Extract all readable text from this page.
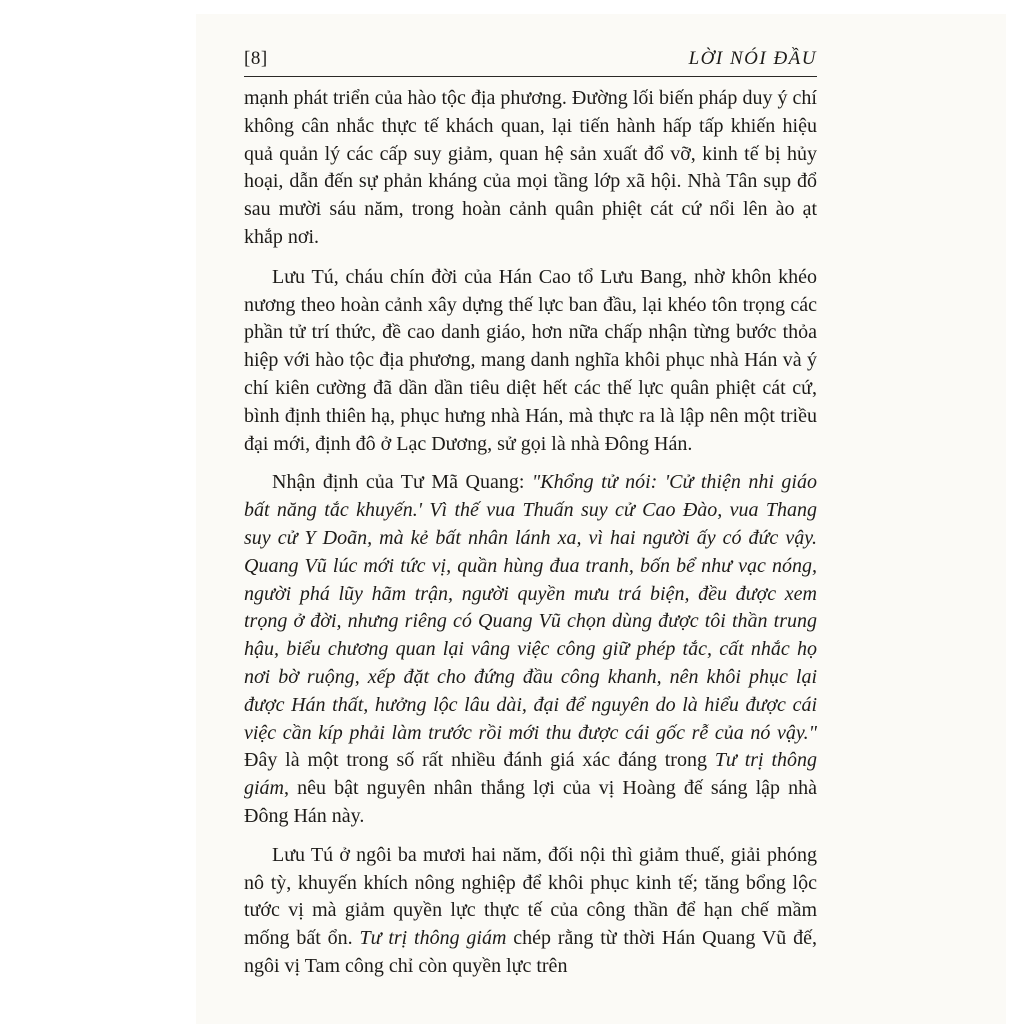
[8]	LỜI NÓI ĐẦU

mạnh phát triển của hào tộc địa phương. Đường lối biến pháp duy ý chí không cân nhắc thực tế khách quan, lại tiến hành hấp tấp khiến hiệu quả quản lý các cấp suy giảm, quan hệ sản xuất đổ vỡ, kinh tế bị hủy hoại, dẫn đến sự phản kháng của mọi tầng lớp xã hội. Nhà Tân sụp đổ sau mười sáu năm, trong hoàn cảnh quân phiệt cát cứ nổi lên ào ạt khắp nơi.

Lưu Tú, cháu chín đời của Hán Cao tổ Lưu Bang, nhờ khôn khéo nương theo hoàn cảnh xây dựng thế lực ban đầu, lại khéo tôn trọng các phần tử trí thức, đề cao danh giáo, hơn nữa chấp nhận từng bước thỏa hiệp với hào tộc địa phương, mang danh nghĩa khôi phục nhà Hán và ý chí kiên cường đã dần dần tiêu diệt hết các thế lực quân phiệt cát cứ, bình định thiên hạ, phục hưng nhà Hán, mà thực ra là lập nên một triều đại mới, định đô ở Lạc Dương, sử gọi là nhà Đông Hán.

Nhận định của Tư Mã Quang: "Khổng tử nói: 'Cử thiện nhi giáo bất năng tắc khuyến.' Vì thế vua Thuấn suy cử Cao Đào, vua Thang suy cử Y Doãn, mà kẻ bất nhân lánh xa, vì hai người ấy có đức vậy. Quang Vũ lúc mới tức vị, quần hùng đua tranh, bốn bể như vạc nóng, người phá lũy hãm trận, người quyền mưu trá biện, đều được xem trọng ở đời, nhưng riêng có Quang Vũ chọn dùng được tôi thần trung hậu, biểu chương quan lại vâng việc công giữ phép tắc, cất nhắc họ nơi bờ ruộng, xếp đặt cho đứng đầu công khanh, nên khôi phục lại được Hán thất, hưởng lộc lâu dài, đại để nguyên do là hiểu được cái việc cần kíp phải làm trước rồi mới thu được cái gốc rễ của nó vậy." Đây là một trong số rất nhiều đánh giá xác đáng trong Tư trị thông giám, nêu bật nguyên nhân thắng lợi của vị Hoàng đế sáng lập nhà Đông Hán này.

Lưu Tú ở ngôi ba mươi hai năm, đối nội thì giảm thuế, giải phóng nô tỳ, khuyến khích nông nghiệp để khôi phục kinh tế; tăng bổng lộc tước vị mà giảm quyền lực thực tế của công thần để hạn chế mầm mống bất ổn. Tư trị thông giám chép rằng từ thời Hán Quang Vũ đế, ngôi vị Tam công chỉ còn quyền lực trên
